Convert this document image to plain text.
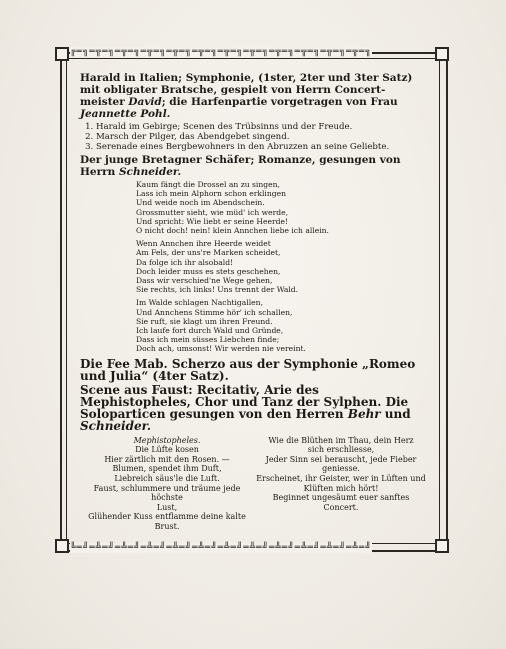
╔═╗═╦═╗═╦═╗═╦═╗═╦═╗═╦═╗═╦═╗═╦═╗═╦═╗═╦═╗═╦═╗═╦═╗
╚═╝═╩═╝═╩═╝═╩═╝═╩═╝═╩═╝═╩═╝═╩═╝═╩═╝═╩═╝═╩═╝═╩═╝
Harald in Italien; Symphonie, (1ster, 2ter und 3ter Satz) mit obligater Bratsche, gespielt von Herrn Concert-meister David; die Harfenpartie vorgetragen von Frau Jeannette Pohl.
1. Harald im Gebirge; Scenen des Trübsinns und der Freude.
2. Marsch der Pilger, das Abendgebet singend.
3. Serenade eines Bergbewohners in den Abruzzen an seine Geliebte.
Der junge Bretagner Schäfer; Romanze, gesungen von Herrn Schneider.
Kaum fängt die Drossel an zu singen,
Lass ich mein Alphorn schon erklingen
Und weide noch im Abendschein.
Grossmutter sieht, wie müd' ich werde,
Und spricht: Wie liebt er seine Heerde!
O nicht doch! nein! klein Annchen liebe ich allein.
Wenn Annchen ihre Heerde weidet
Am Fels, der uns're Marken scheidet,
Da folge ich ihr alsobald!
Doch leider muss es stets geschehen,
Dass wir verschied'ne Wege gehen,
Sie rechts, ich links! Uns trennt der Wald.
Im Walde schlagen Nachtigallen,
Und Annchens Stimme hör' ich schallen,
Sie ruft, sie klagt um ihren Freund.
Ich laufe fort durch Wald und Gründe,
Dass ich mein süsses Liebchen finde;
Doch ach, umsonst! Wir werden nie vereint.
Die Fee Mab. Scherzo aus der Symphonie „Romeo und Julia“ (4ter Satz).
Scene aus Faust: Recitativ, Arie des Mephistopheles, Chor und Tanz der Sylphen. Die Soloparticen gesungen von den Herren Behr und Schneider.
Mephistopheles.
Die Lüfte kosen
Hier zärtlich mit den Rosen. —
Blumen, spendet ihm Duft,
Liebreich säus'le die Luft.
Faust, schlummere und träume jede höchste
Lust,
Glühender Kuss entflamme deine kalte Brust.
Wie die Blüthen im Thau, dein Herz
sich erschliesse,
Jeder Sinn sei berauscht, jede Fieber
geniesse.
Erscheinet, ihr Geister, wer in Lüften und
Klüften mich hört!
Beginnet ungesäumt euer sanftes Concert.
